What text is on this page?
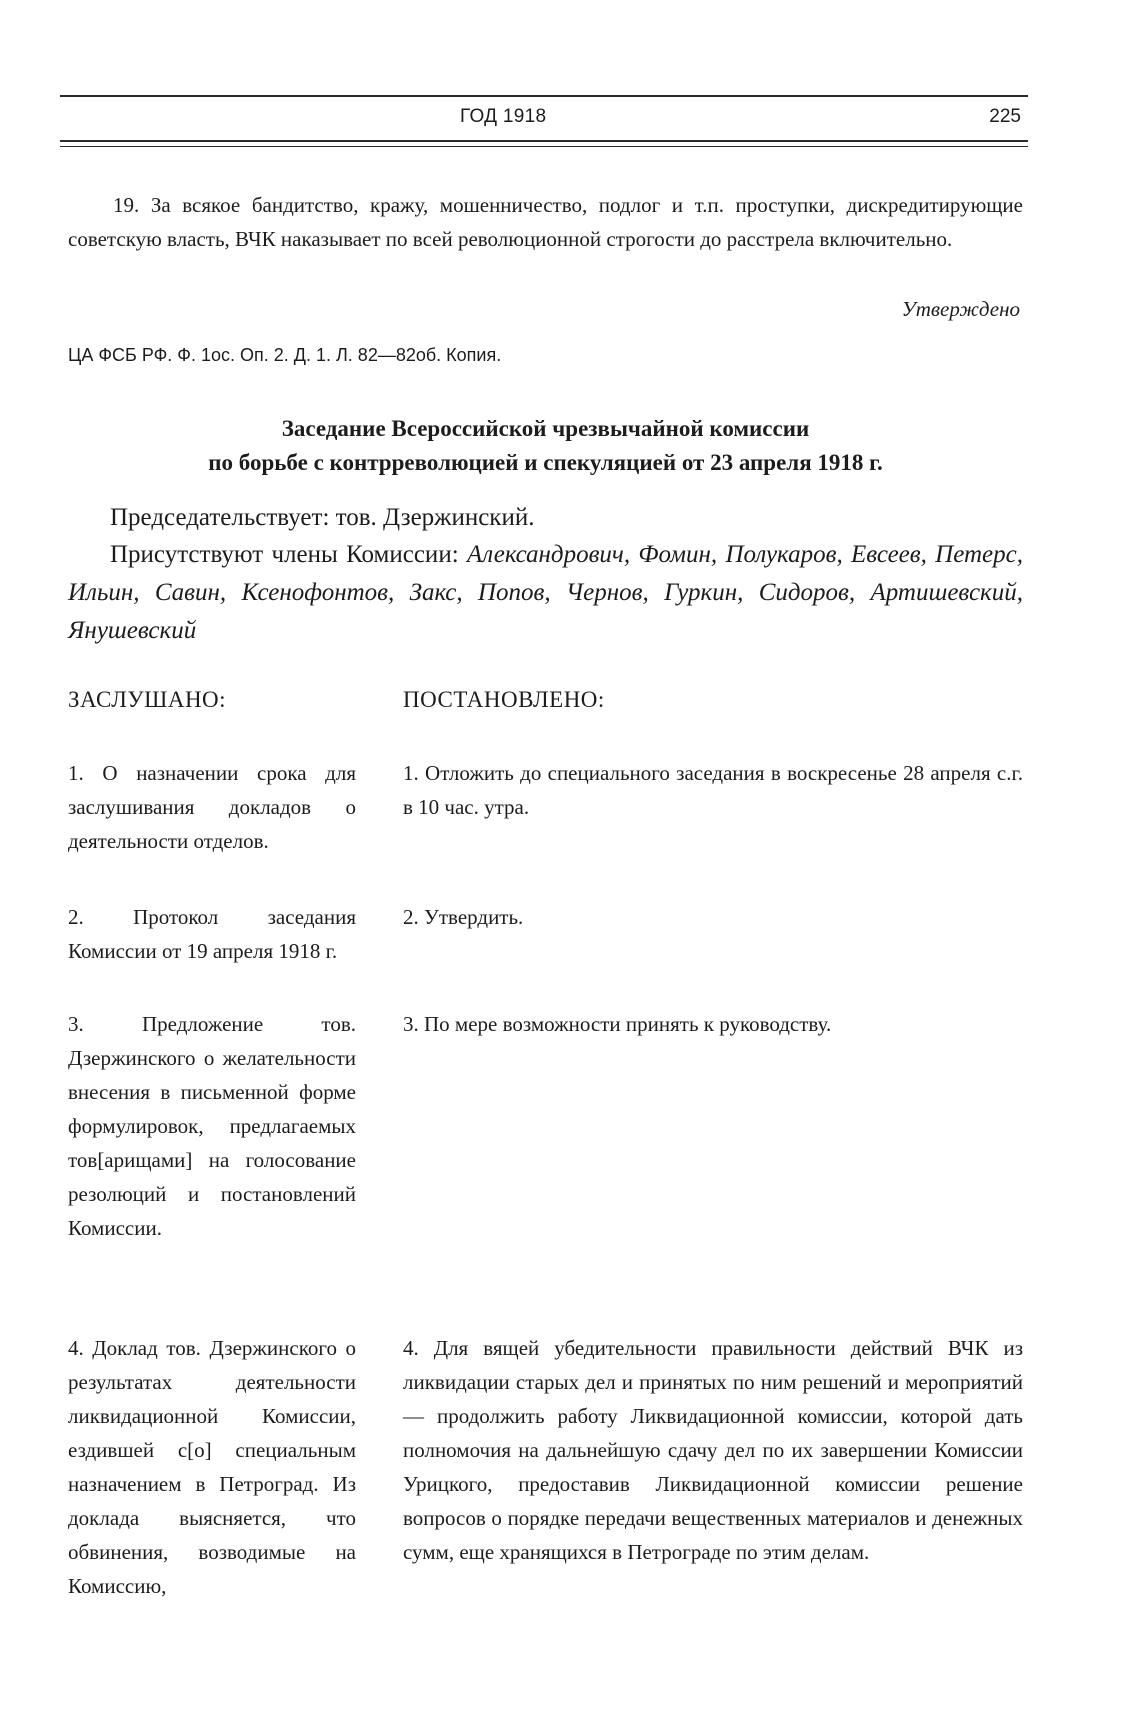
ГОД 1918	225

19. За всякое бандитство, кражу, мошенничество, подлог и т.п. проступки, дискредитирующие советскую власть, ВЧК наказывает по всей революционной строгости до расстрела включительно.

Утверждено
ЦА ФСБ РФ. Ф. 1ос. Оп. 2. Д. 1. Л. 82—82об. Копия.
Заседание Всероссийской чрезвычайной комиссии
по борьбе с контрреволюцией и спекуляцией от 23 апреля 1918 г.
Председательствует: тов. Дзержинский.
Присутствуют члены Комиссии: Александрович, Фомин, Полукаров, Евсеев, Петерс, Ильин, Савин, Ксенофонтов, Закс, Попов, Чернов, Гуркин, Сидоров, Артишевский, Янушевский
ЗАСЛУШАНО:	ПОСТАНОВЛЕНО:

1. О назначении срока для заслушивания докладов о деятельности отделов.

1. Отложить до специального заседания в воскресенье 28 апреля с.г. в 10 час. утра.

2. Протокол заседания Комиссии от 19 апреля 1918 г.

2. Утвердить.

3. Предложение тов. Дзержинского о желательности внесения в письменной форме формулировок, предлагаемых тов[арищами] на голосование резолюций и постановлений Комиссии.

3. По мере возможности принять к руководству.

4. Доклад тов. Дзержинского о результатах деятельности ликвидационной Комиссии, ездившей с[о] специальным назначением в Петроград. Из доклада выясняется, что обвинения, возводимые на Комиссию,

4. Для вящей убедительности правильности действий ВЧК из ликвидации старых дел и принятых по ним решений и мероприятий — продолжить работу Ликвидационной комиссии, которой дать полномочия на дальнейшую сдачу дел по их завершении Комиссии Урицкого, предоставив Ликвидационной комиссии решение вопросов о порядке передачи вещественных материалов и денежных сумм, еще хранящихся в Петрограде по этим делам.
